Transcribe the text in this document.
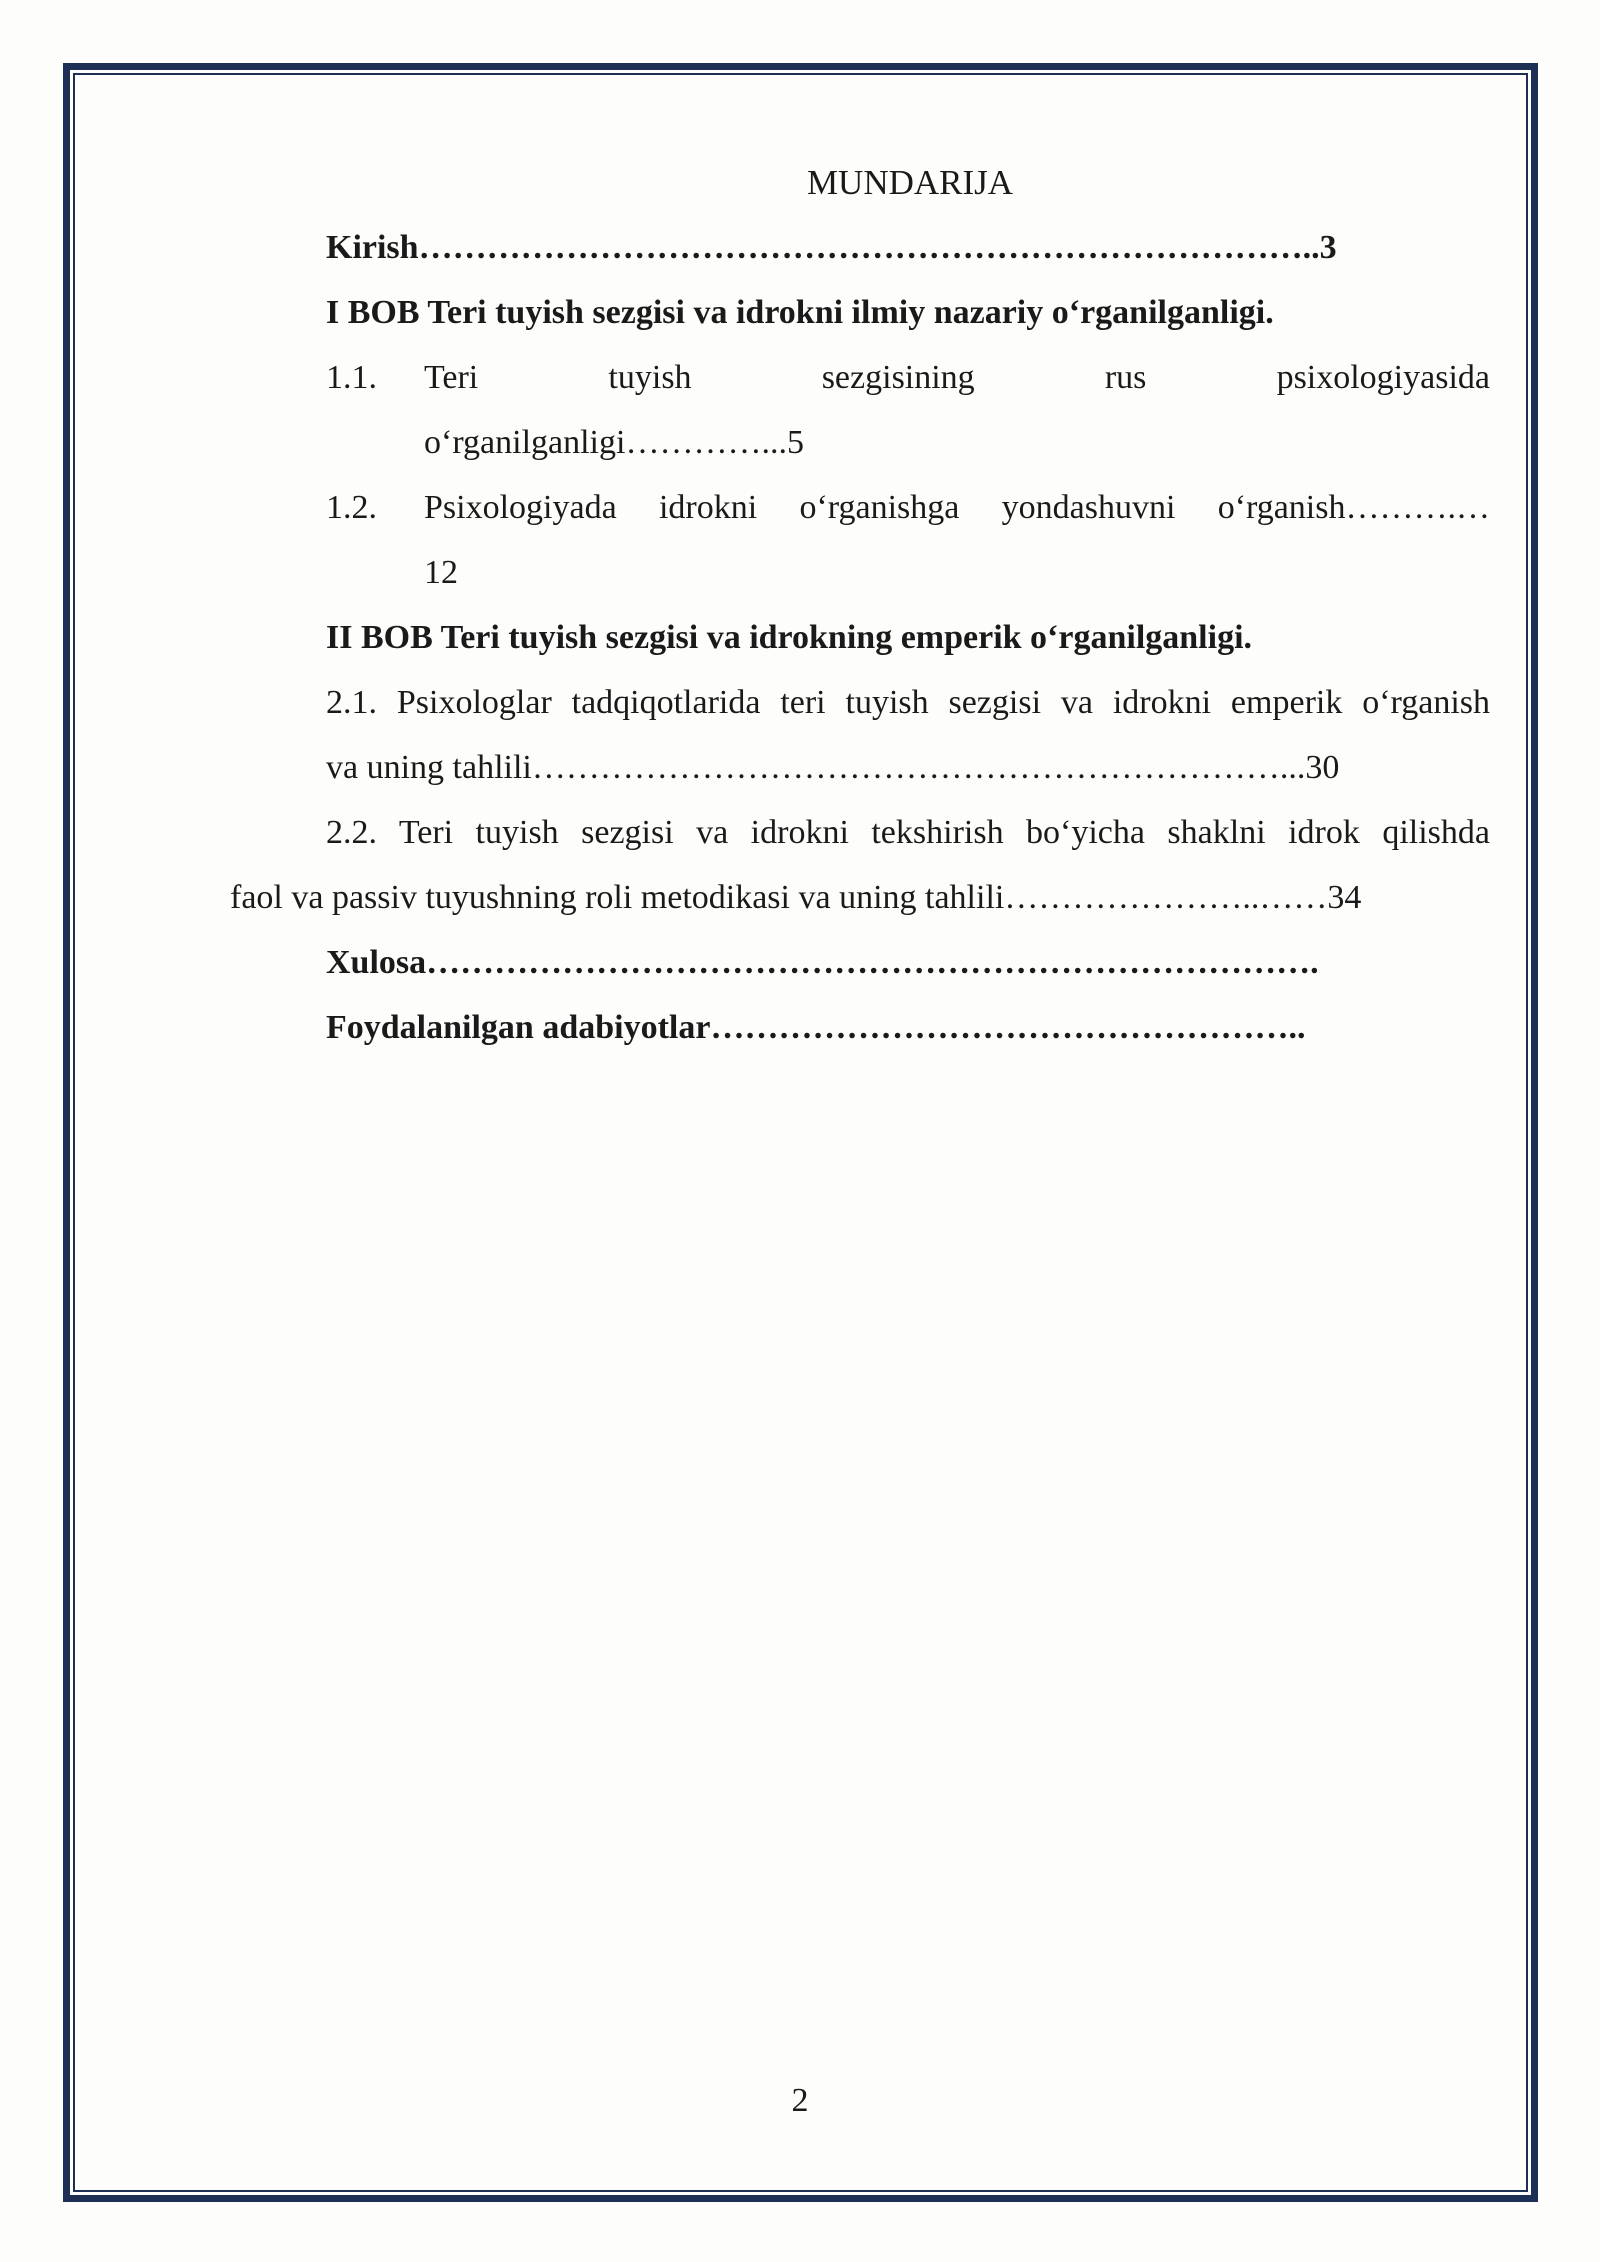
MUNDARIJA
Kirish……………………………………………………………………..3
I BOB Teri tuyish sezgisi va idrokni ilmiy nazariy o‘rganilganligi.
1.1.	Teri	tuyish	sezgisining	rus	psixologiyasida
o‘rganilganligi…………...5
1.2.	Psixologiyada idrokni o‘rganishga yondashuvni o‘rganish……….…
12
II BOB Teri tuyish sezgisi va idrokning emperik o‘rganilganligi.
2.1. Psixologlar tadqiqotlarida teri tuyish sezgisi va idrokni emperik o‘rganish
va uning tahlili…………………………………………………………...30
2.2. Teri tuyish sezgisi va idrokni tekshirish bo‘yicha shaklni idrok qilishda
faol va passiv tuyushning roli metodikasi va uning tahlili…………………..……34
Xulosa…………………………………………………………………….
Foydalanilgan adabiyotlar……………………………………………..
2
